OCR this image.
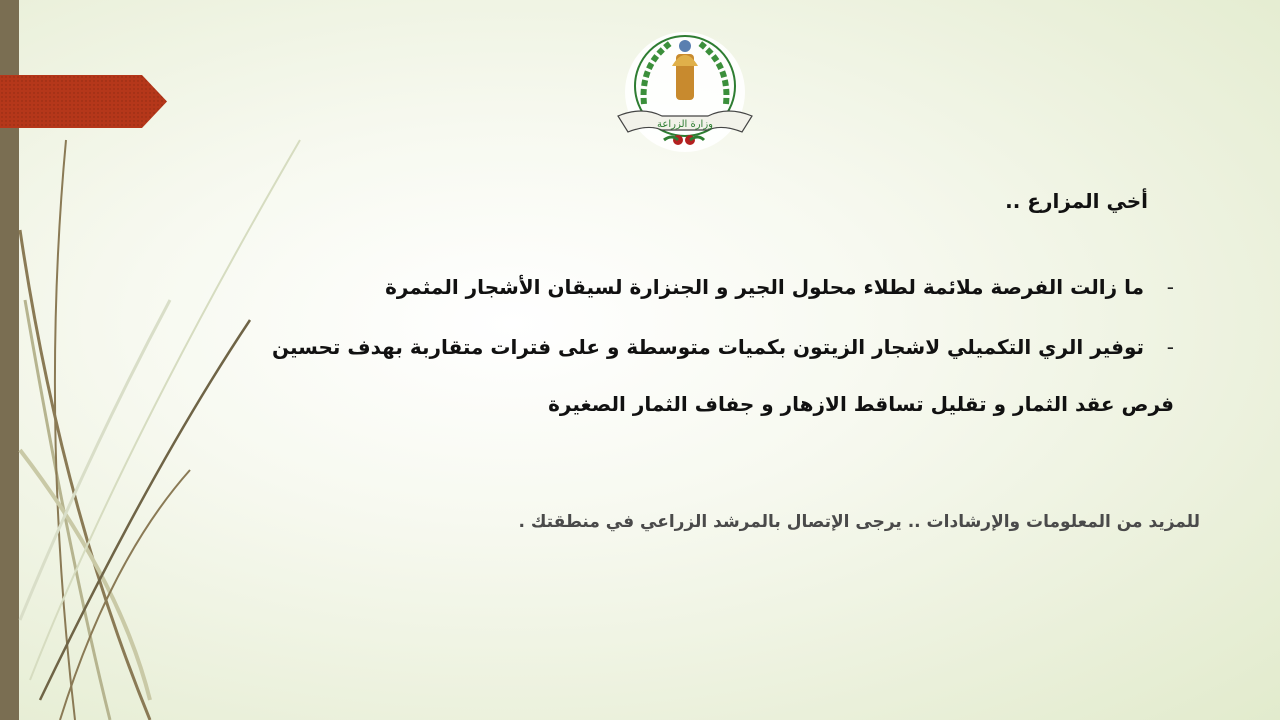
وزارة الزراعة
أخي المزارع ..
-ما زالت الفرصة ملائمة لطلاء محلول الجير و الجنزارة لسيقان الأشجار المثمرة
-توفير الري التكميلي لاشجار الزيتون بكميات متوسطة و على فترات متقاربة بهدف تحسين
فرص عقد الثمار و تقليل تساقط الازهار و جفاف الثمار الصغيرة
للمزيد من المعلومات والإرشادات .. يرجى الإتصال بالمرشد الزراعي في منطقتك .
